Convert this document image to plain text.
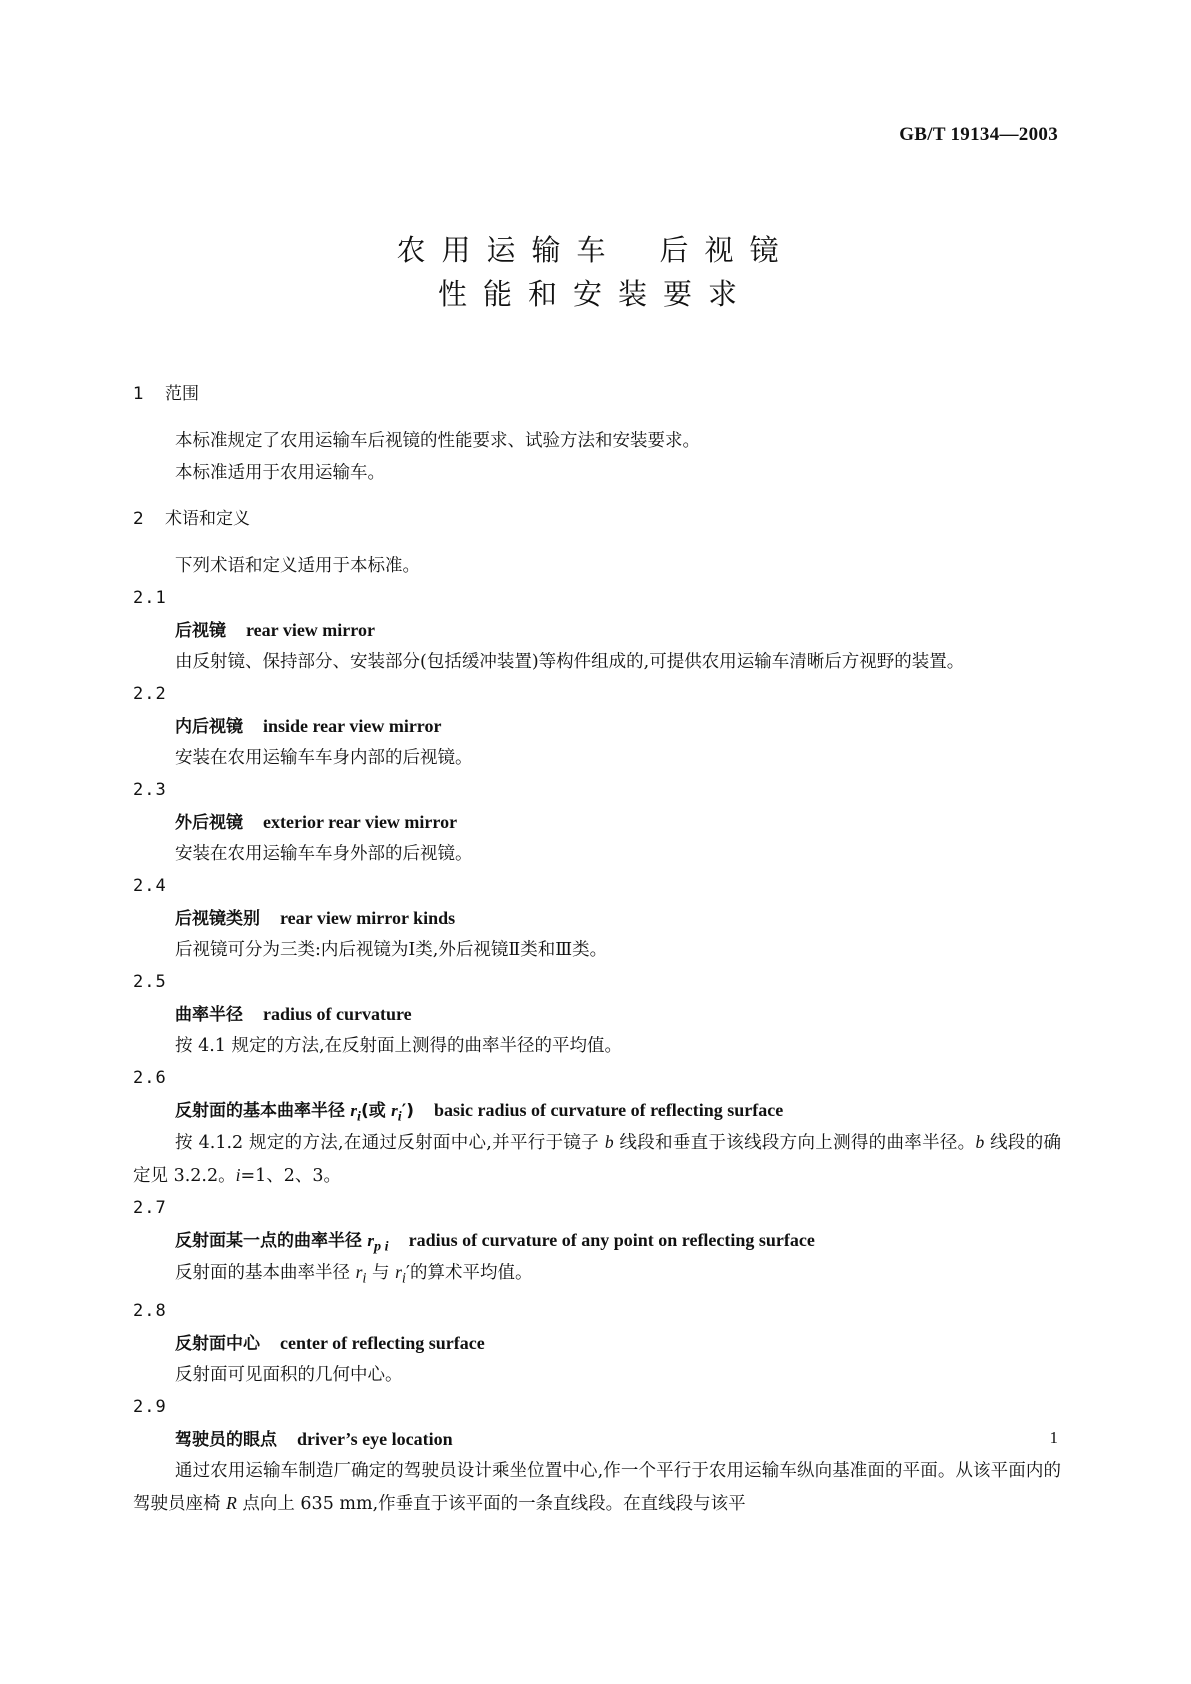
GB/T 19134—2003
农用运输车 后视镜
性能和安装要求
1 范围
本标准规定了农用运输车后视镜的性能要求、试验方法和安装要求。
本标准适用于农用运输车。
2 术语和定义
下列术语和定义适用于本标准。
2.1
后视镜 rear view mirror
由反射镜、保持部分、安装部分(包括缓冲装置)等构件组成的,可提供农用运输车清晰后方视野的装置。
2.2
内后视镜 inside rear view mirror
安装在农用运输车车身内部的后视镜。
2.3
外后视镜 exterior rear view mirror
安装在农用运输车车身外部的后视镜。
2.4
后视镜类别 rear view mirror kinds
后视镜可分为三类:内后视镜为Ⅰ类,外后视镜Ⅱ类和Ⅲ类。
2.5
曲率半径 radius of curvature
按 4.1 规定的方法,在反射面上测得的曲率半径的平均值。
2.6
反射面的基本曲率半径 $r_i$(或 $r_i'$) basic radius of curvature of reflecting surface
按 4.1.2 规定的方法,在通过反射面中心,并平行于镜子 b 线段和垂直于该线段方向上测得的曲率半径。b 线段的确定见 3.2.2。i=1、2、3。
2.7
反射面某一点的曲率半径 $r_{p i}$ radius of curvature of any point on reflecting surface
反射面的基本曲率半径 $r_i$ 与 $r_i'$的算术平均值。
2.8
反射面中心 center of reflecting surface
反射面可见面积的几何中心。
2.9
驾驶员的眼点 driver’s eye location
通过农用运输车制造厂确定的驾驶员设计乘坐位置中心,作一个平行于农用运输车纵向基准面的平面。从该平面内的驾驶员座椅 R 点向上 635 mm,作垂直于该平面的一条直线段。在直线段与该平
1
